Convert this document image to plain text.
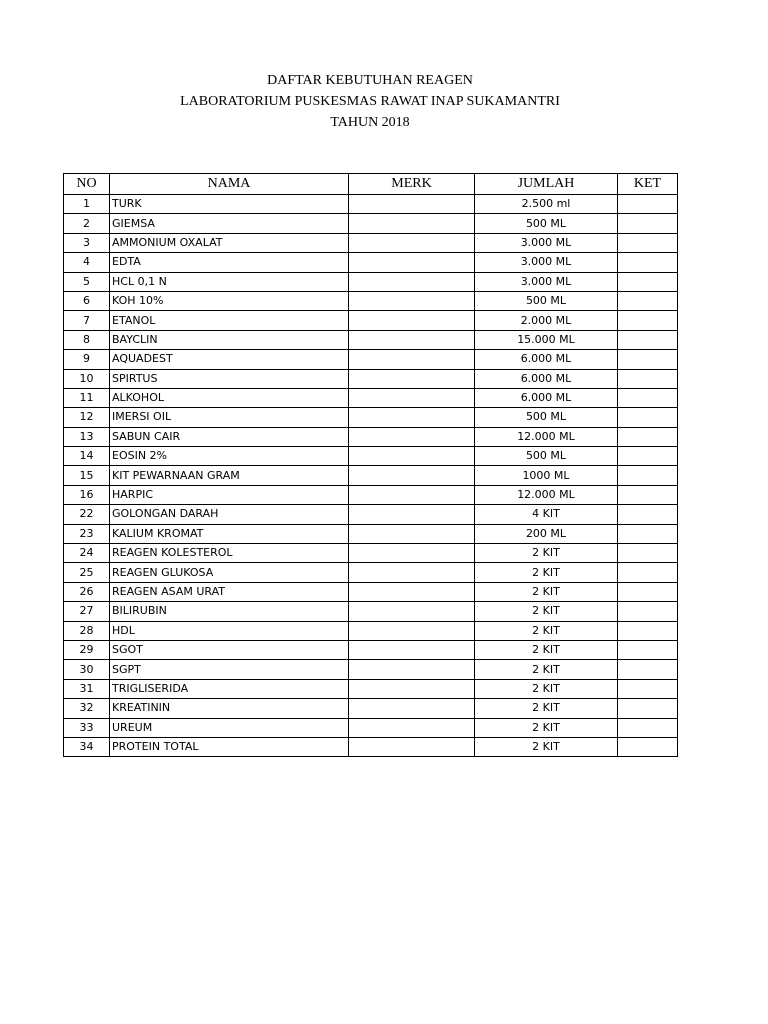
DAFTAR KEBUTUHAN REAGEN
LABORATORIUM PUSKESMAS RAWAT INAP SUKAMANTRI
TAHUN 2018
NO	NAMA	MERK	JUMLAH	KET
1	TURK		2.500 ml	
2	GIEMSA		500 ML	
3	AMMONIUM OXALAT		3.000 ML	
4	EDTA		3.000 ML	
5	HCL 0,1 N		3.000 ML	
6	KOH 10%		500 ML	
7	ETANOL		2.000 ML	
8	BAYCLIN		15.000 ML	
9	AQUADEST		6.000 ML	
10	SPIRTUS		6.000 ML	
11	ALKOHOL		6.000 ML	
12	IMERSI OIL		500 ML	
13	SABUN CAIR		12.000 ML	
14	EOSIN 2%		500 ML	
15	KIT PEWARNAAN GRAM		1000 ML	
16	HARPIC		12.000 ML	
22	GOLONGAN DARAH		4 KIT	
23	KALIUM KROMAT		200 ML	
24	REAGEN KOLESTEROL		2 KIT	
25	REAGEN GLUKOSA		2 KIT	
26	REAGEN ASAM URAT		2 KIT	
27	BILIRUBIN		2 KIT	
28	HDL		2 KIT	
29	SGOT		2 KIT	
30	SGPT		2 KIT	
31	TRIGLISERIDA		2 KIT	
32	KREATININ		2 KIT	
33	UREUM		2 KIT	
34	PROTEIN TOTAL		2 KIT	
